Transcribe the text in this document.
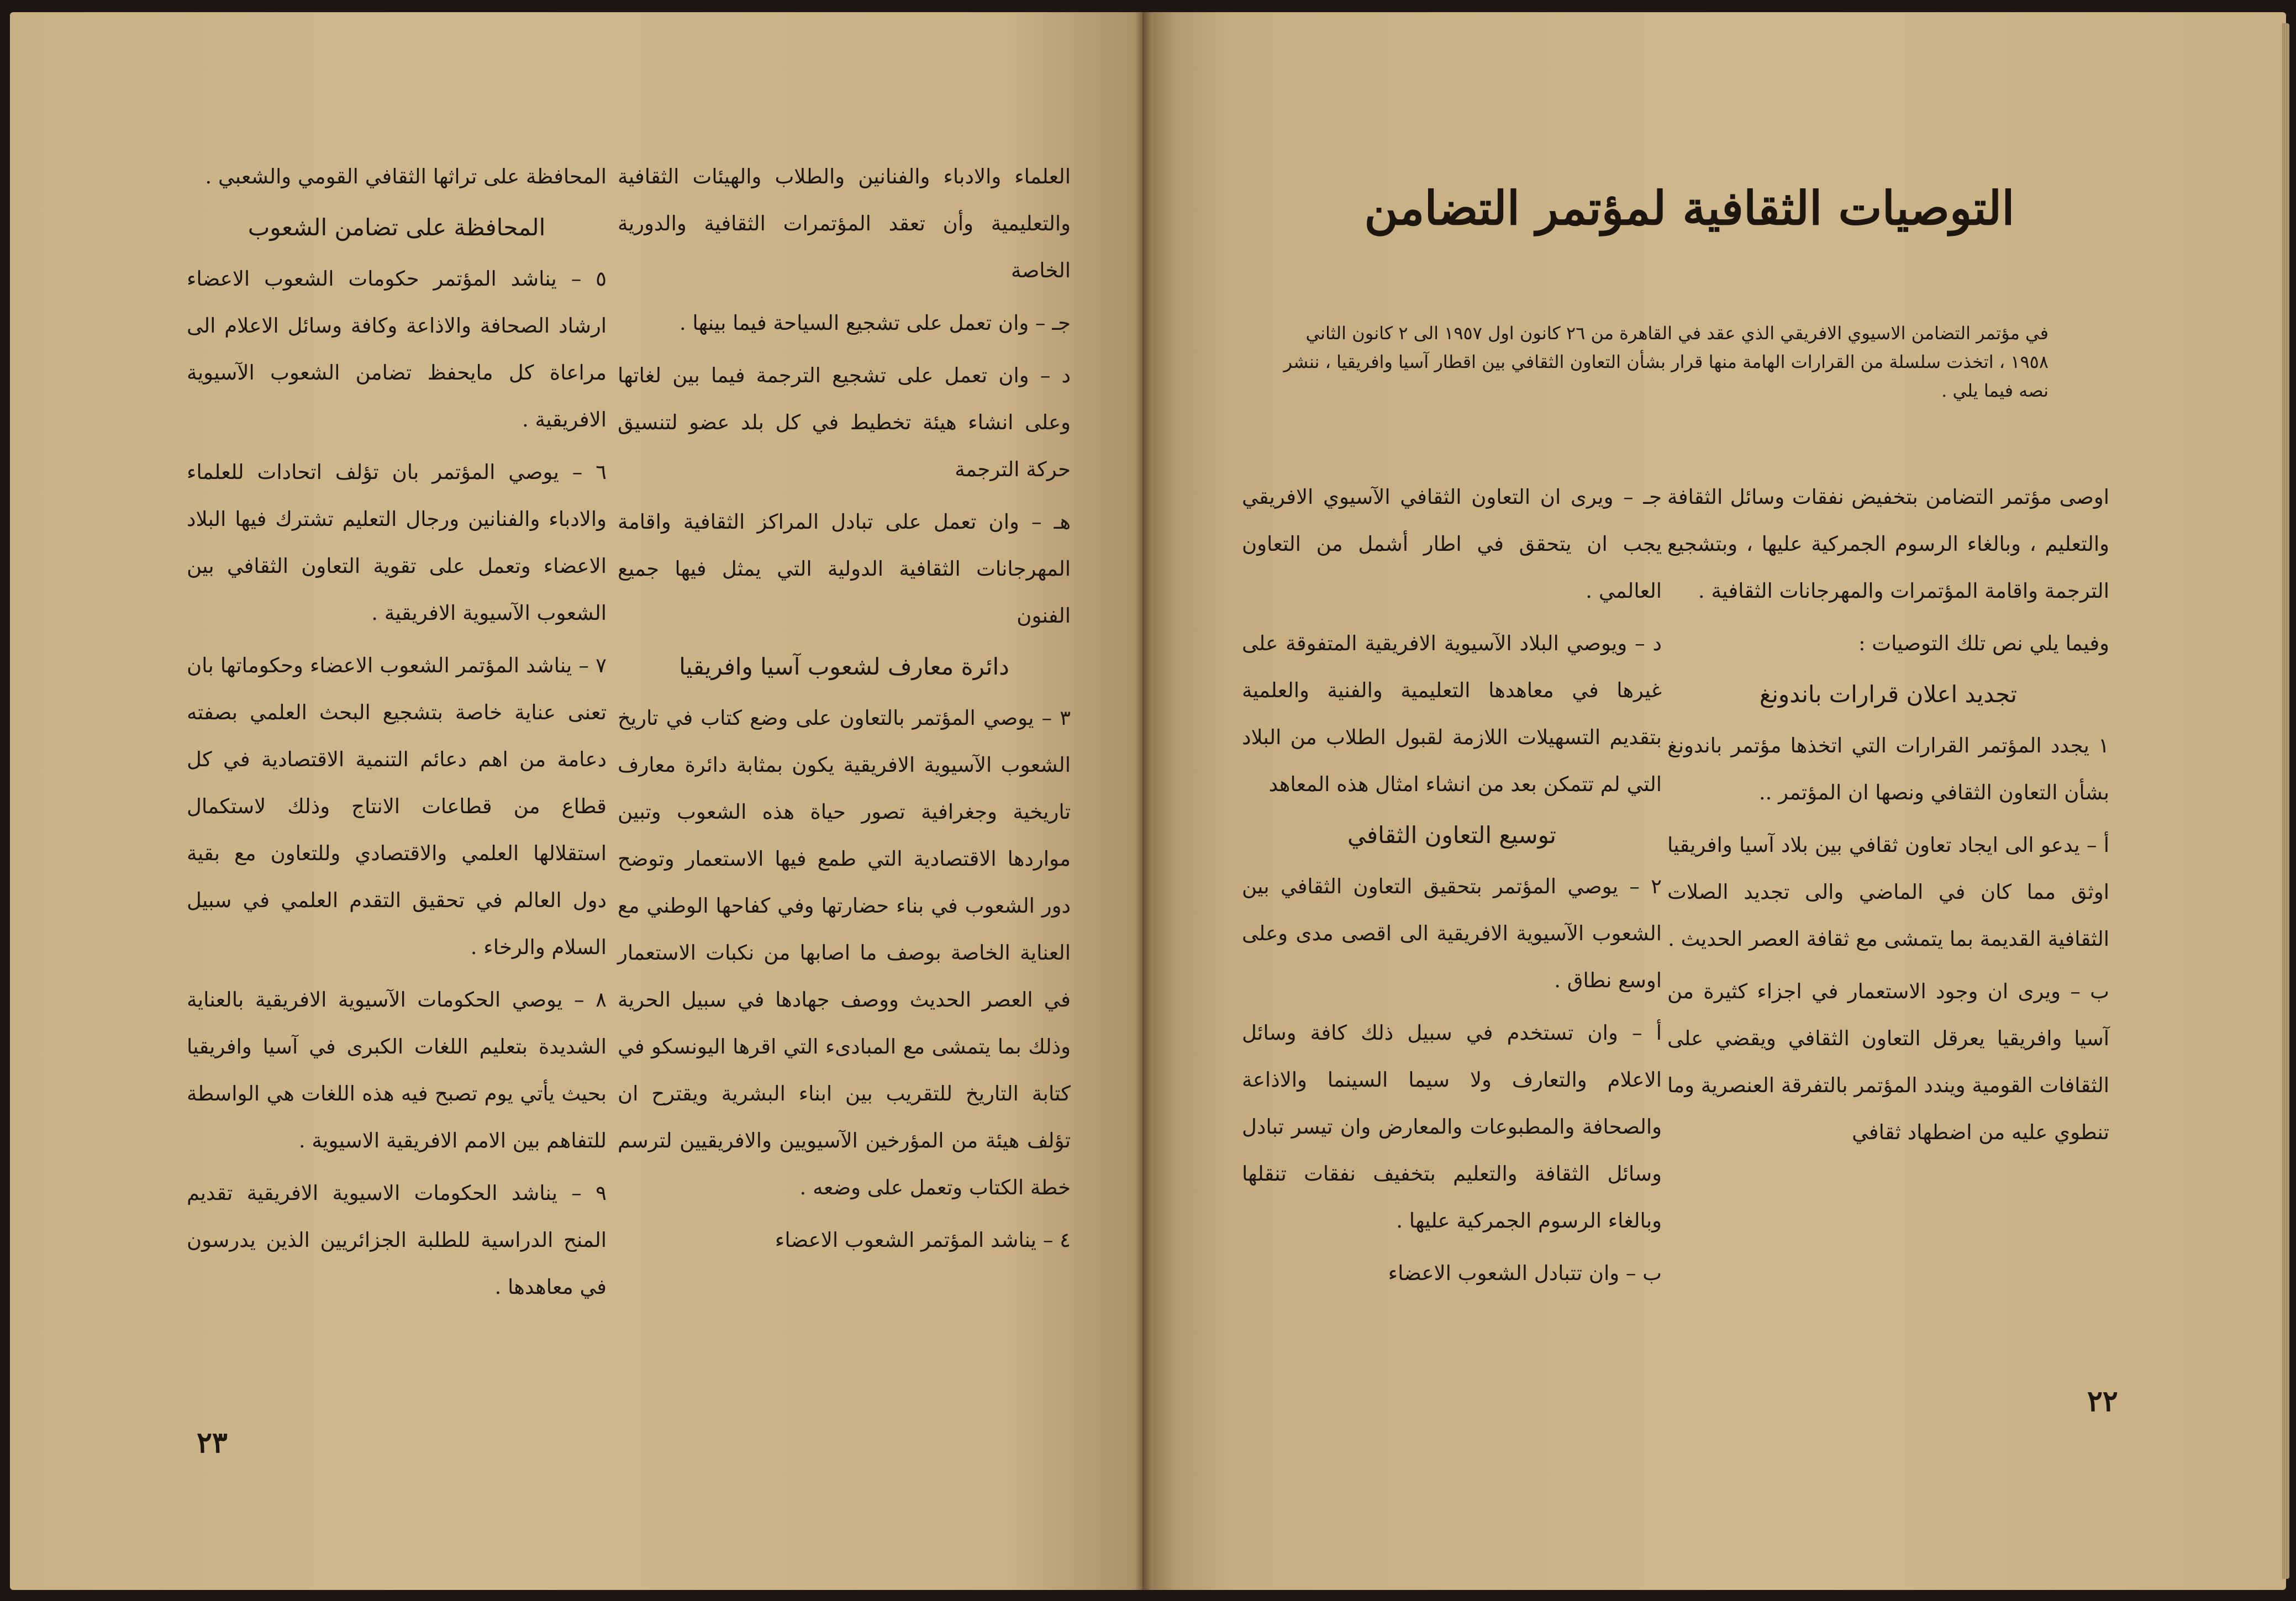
العلماء والادباء والفنانين والطلاب والهيئات الثقافية والتعليمية وأن تعقد المؤتمرات الثقافية والدورية الخاصة

جـ – وان تعمل على تشجيع السياحة فيما بينها .

د – وان تعمل على تشجيع الترجمة فيما بين لغاتها وعلى انشاء هيئة تخطيط في كل بلد عضو لتنسيق حركة الترجمة

هـ – وان تعمل على تبادل المراكز الثقافية واقامة المهرجانات الثقافية الدولية التي يمثل فيها جميع الفنون

دائرة معارف لشعوب آسيا وافريقيا

٣ – يوصي المؤتمر بالتعاون على وضع كتاب في تاريخ الشعوب الآسيوية الافريقية يكون بمثابة دائرة معارف تاريخية وجغرافية تصور حياة هذه الشعوب وتبين مواردها الاقتصادية التي طمع فيها الاستعمار وتوضح دور الشعوب في بناء حضارتها وفي كفاحها الوطني مع العناية الخاصة بوصف ما اصابها من نكبات الاستعمار في العصر الحديث ووصف جهادها في سبيل الحرية وذلك بما يتمشى مع المبادىء التي اقرها اليونسكو في كتابة التاريخ للتقريب بين ابناء البشرية ويقترح ان تؤلف هيئة من المؤرخين الآسيويين والافريقيين لترسم خطة الكتاب وتعمل على وضعه .

٤ – يناشد المؤتمر الشعوب الاعضاء

المحافظة على تراثها الثقافي القومي والشعبي .

المحافظة على تضامن الشعوب

٥ – يناشد المؤتمر حكومات الشعوب الاعضاء ارشاد الصحافة والاذاعة وكافة وسائل الاعلام الى مراعاة كل مايحفظ تضامن الشعوب الآسيوية الافريقية .

٦ – يوصي المؤتمر بان تؤلف اتحادات للعلماء والادباء والفنانين ورجال التعليم تشترك فيها البلاد الاعضاء وتعمل على تقوية التعاون الثقافي بين الشعوب الآسيوية الافريقية .

٧ – يناشد المؤتمر الشعوب الاعضاء وحكوماتها بان تعنى عناية خاصة بتشجيع البحث العلمي بصفته دعامة من اهم دعائم التنمية الاقتصادية في كل قطاع من قطاعات الانتاج وذلك لاستكمال استقلالها العلمي والاقتصادي وللتعاون مع بقية دول العالم في تحقيق التقدم العلمي في سبيل السلام والرخاء .

٨ – يوصي الحكومات الآسيوية الافريقية بالعناية الشديدة بتعليم اللغات الكبرى في آسيا وافريقيا بحيث يأتي يوم تصبح فيه هذه اللغات هي الواسطة للتفاهم بين الامم الافريقية الاسيوية .

٩ – يناشد الحكومات الاسيوية الافريقية تقديم المنح الدراسية للطلبة الجزائريين الذين يدرسون في معاهدها .

٢٣
التوصيات الثقافية لمؤتمر التضامن
في مؤتمر التضامن الاسيوي الافريقي الذي عقد في القاهرة من ٢٦ كانون اول ١٩٥٧ الى ٢ كانون الثاني ١٩٥٨ ، اتخذت سلسلة من القرارات الهامة منها قرار بشأن التعاون الثقافي بين اقطار آسيا وافريقيا ، ننشر نصه فيما يلي .

اوصى مؤتمر التضامن بتخفيض نفقات وسائل الثقافة والتعليم ، وبالغاء الرسوم الجمركية عليها ، وبتشجيع الترجمة واقامة المؤتمرات والمهرجانات الثقافية .

وفيما يلي نص تلك التوصيات :

تجديد اعلان قرارات باندونغ

١ يجدد المؤتمر القرارات التي اتخذها مؤتمر باندونغ بشأن التعاون الثقافي ونصها ان المؤتمر ..

أ – يدعو الى ايجاد تعاون ثقافي بين بلاد آسيا وافريقيا اوثق مما كان في الماضي والى تجديد الصلات الثقافية القديمة بما يتمشى مع ثقافة العصر الحديث .

ب – ويرى ان وجود الاستعمار في اجزاء كثيرة من آسيا وافريقيا يعرقل التعاون الثقافي ويقضي على الثقافات القومية ويندد المؤتمر بالتفرقة العنصرية وما تنطوي عليه من اضطهاد ثقافي

جـ – ويرى ان التعاون الثقافي الآسيوي الافريقي يجب ان يتحقق في اطار أشمل من التعاون العالمي .

د – ويوصي البلاد الآسيوية الافريقية المتفوقة على غيرها في معاهدها التعليمية والفنية والعلمية بتقديم التسهيلات اللازمة لقبول الطلاب من البلاد التي لم تتمكن بعد من انشاء امثال هذه المعاهد

توسيع التعاون الثقافي

٢ – يوصي المؤتمر بتحقيق التعاون الثقافي بين الشعوب الآسيوية الافريقية الى اقصى مدى وعلى اوسع نطاق .

أ – وان تستخدم في سبيل ذلك كافة وسائل الاعلام والتعارف ولا سيما السينما والاذاعة والصحافة والمطبوعات والمعارض وان تيسر تبادل وسائل الثقافة والتعليم بتخفيف نفقات تنقلها وبالغاء الرسوم الجمركية عليها .

ب – وان تتبادل الشعوب الاعضاء

٢٢
